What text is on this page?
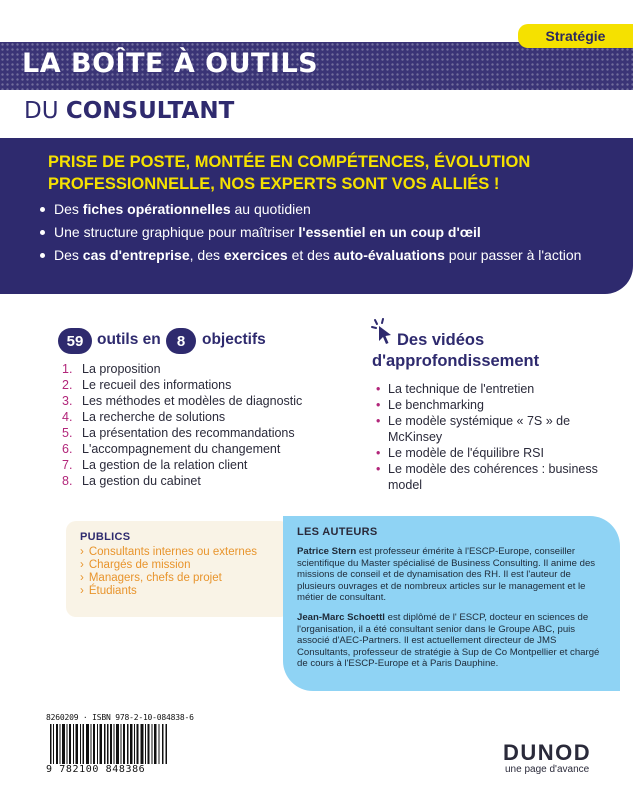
LA BOÎTE À OUTILS
Stratégie
DU CONSULTANT
PRISE DE POSTE, MONTÉE EN COMPÉTENCES, ÉVOLUTION
PROFESSIONNELLE, NOS EXPERTS SONT VOS ALLIÉS !
Des fiches opérationnelles au quotidien
Une structure graphique pour maîtriser l'essentiel en un coup d'œil
Des cas d'entreprise, des exercices et des auto-évaluations pour passer à l'action
59 outils en	8	objectifs
1. La proposition
2. Le recueil des informations
3. Les méthodes et modèles de diagnostic
4. La recherche de solutions
5. La présentation des recommandations
6. L'accompagnement du changement
7. La gestion de la relation client
8. La gestion du cabinet
Des vidéos
d'approfondissement
• La technique de l'entretien
• Le benchmarking
• Le modèle systémique « 7S » de McKinsey
• Le modèle de l'équilibre RSI
• Le modèle des cohérences : business model
PUBLICS
› Consultants internes ou externes
› Chargés de mission
› Managers, chefs de projet
› Étudiants
LES AUTEURS

Patrice Stern est professeur émérite à l'ESCP-Europe, conseiller scientifique du Master spécialisé de Business Consulting. Il anime des missions de conseil et de dynamisation des RH. Il est l'auteur de plusieurs ouvrages et de nombreux articles sur le management et le métier de consultant.

Jean-Marc Schoettl est diplômé de l' ESCP, docteur en sciences de l'organisation, il a été consultant senior dans le Groupe ABC, puis associé d'AEC-Partners. Il est actuellement directeur de JMS Consultants, professeur de stratégie à Sup de Co Montpellier et chargé de cours à l'ESCP-Europe et à Paris Dauphine.

8260209 · ISBN 978-2-10-084838-6
9 782100 848386
DUNOD
une page d'avance
